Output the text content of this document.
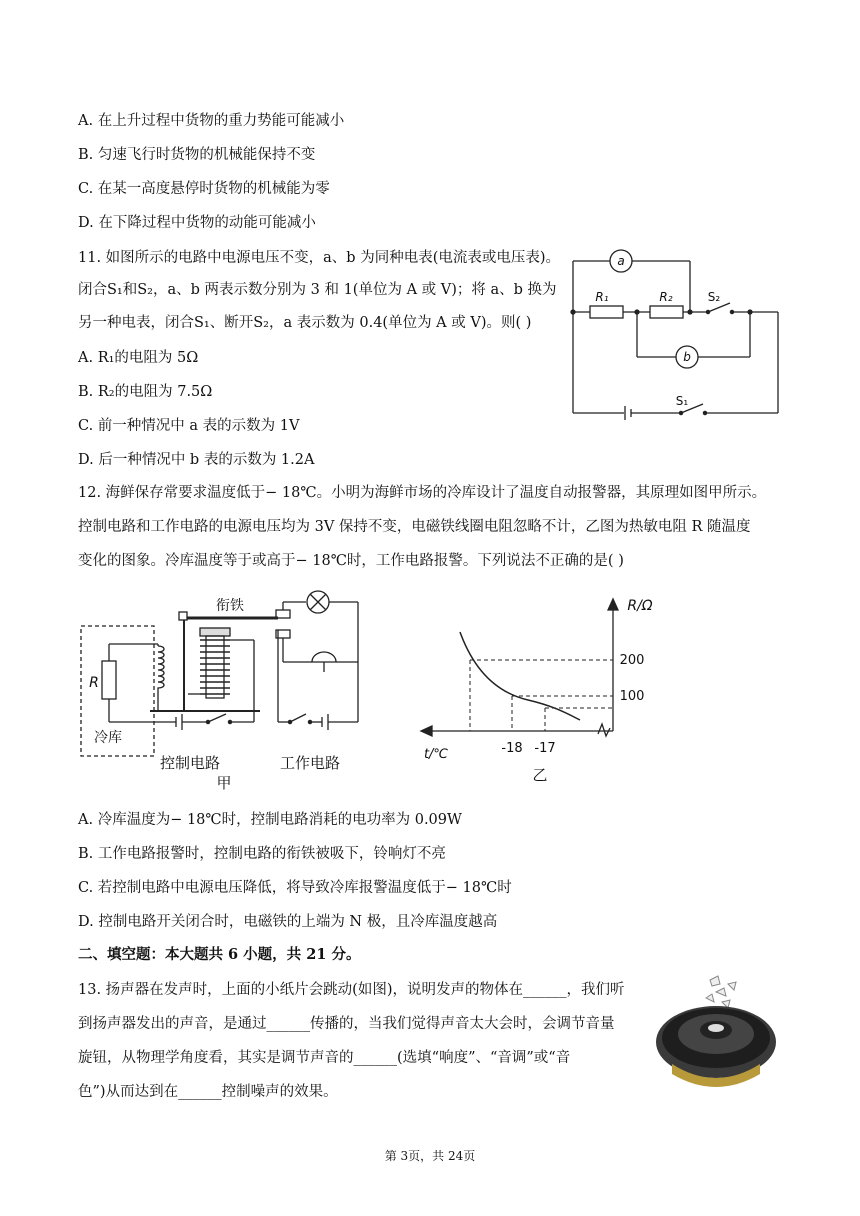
A. 在上升过程中货物的重力势能可能减小
B. 匀速飞行时货物的机械能保持不变
C. 在某一高度悬停时货物的机械能为零
D. 在下降过程中货物的动能可能减小
11. 如图所示的电路中电源电压不变，a、b 为同种电表(电流表或电压表)。
闭合S₁和S₂，a、b 两表示数分别为 3 和 1(单位为 A 或 V)；将 a、b 换为
另一种电表，闭合S₁、断开S₂，a 表示数为 0.4(单位为 A 或 V)。则( )
A. R₁的电阻为 5Ω
B. R₂的电阻为 7.5Ω
C. 前一种情况中 a 表的示数为 1V
D. 后一种情况中 b 表的示数为 1.2A
a
R₁	R₂	S₂
b
S₁
12. 海鲜保存常要求温度低于− 18℃。小明为海鲜市场的冷库设计了温度自动报警器，其原理如图甲所示。
控制电路和工作电路的电源电压均为 3V 保持不变，电磁铁线圈电阻忽略不计，乙图为热敏电阻 R 随温度
变化的图象。冷库温度等于或高于− 18℃时，工作电路报警。下列说法不正确的是( )
冷库
R
衔铁
控制电路
甲
工作电路
R/Ω
t/℃
200
100
-18 -17
乙
A. 冷库温度为− 18℃时，控制电路消耗的电功率为 0.09W
B. 工作电路报警时，控制电路的衔铁被吸下，铃响灯不亮
C. 若控制电路中电源电压降低，将导致冷库报警温度低于− 18℃时
D. 控制电路开关闭合时，电磁铁的上端为 N 极，且冷库温度越高
二、填空题：本大题共 6 小题，共 21 分。
13. 扬声器在发声时，上面的小纸片会跳动(如图)，说明发声的物体在______，我们听
到扬声器发出的声音，是通过______传播的，当我们觉得声音太大会时，会调节音量
旋钮，从物理学角度看，其实是调节声音的______(选填“响度”、“音调”或“音
色”)从而达到在______控制噪声的效果。
第 3页，共 24页
